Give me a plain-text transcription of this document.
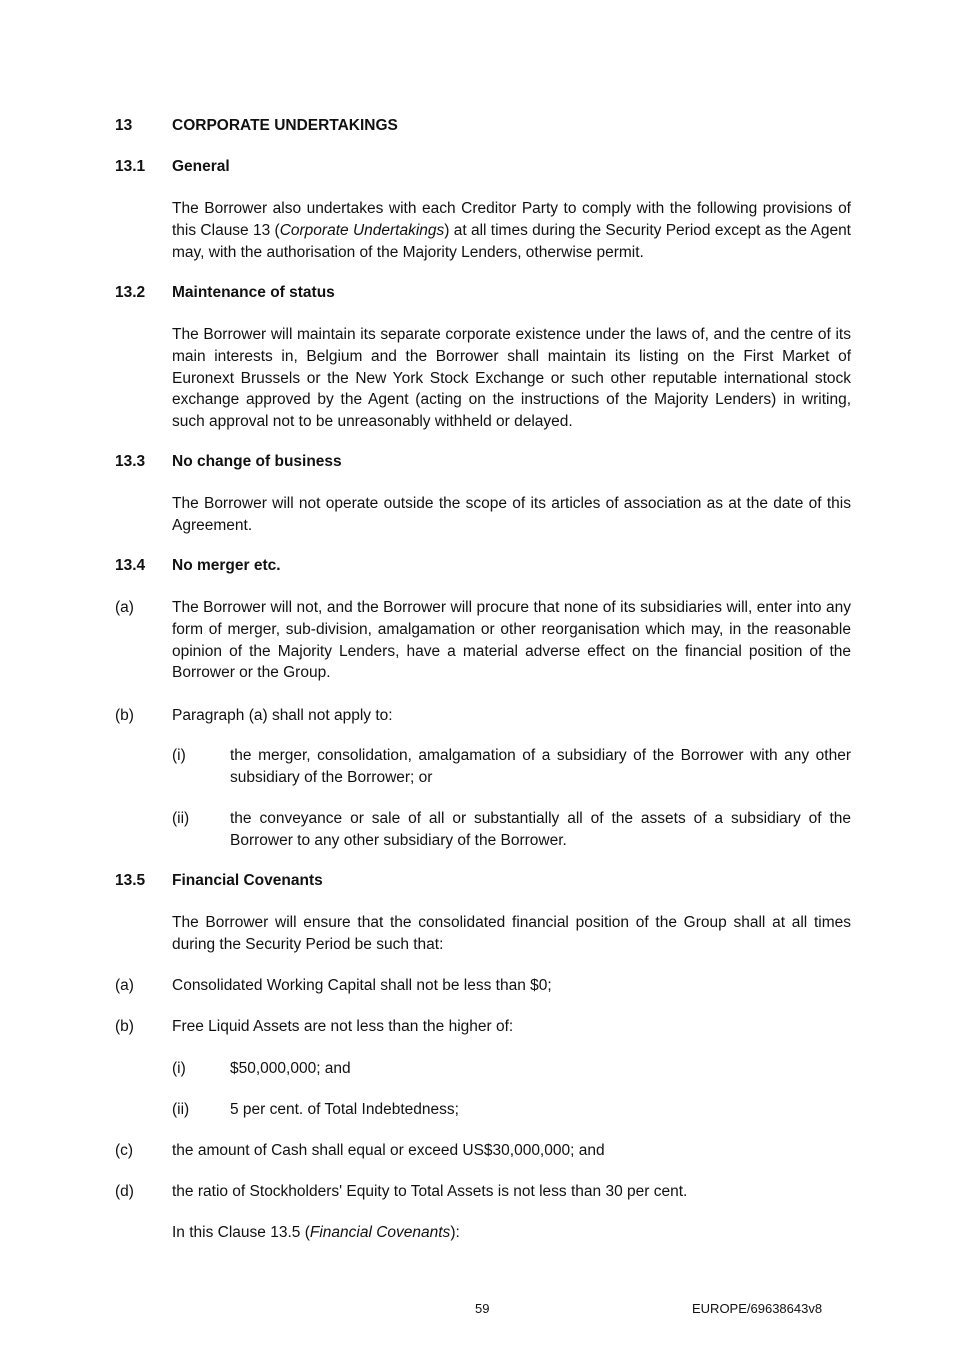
13	CORPORATE UNDERTAKINGS
13.1 General
The Borrower also undertakes with each Creditor Party to comply with the following provisions of this Clause 13 (Corporate Undertakings) at all times during the Security Period except as the Agent may, with the authorisation of the Majority Lenders, otherwise permit.
13.2 Maintenance of status
The Borrower will maintain its separate corporate existence under the laws of, and the centre of its main interests in, Belgium and the Borrower shall maintain its listing on the First Market of Euronext Brussels or the New York Stock Exchange or such other reputable international stock exchange approved by the Agent (acting on the instructions of the Majority Lenders) in writing, such approval not to be unreasonably withheld or delayed.
13.3 No change of business
The Borrower will not operate outside the scope of its articles of association as at the date of this Agreement.
13.4 No merger etc.
(a) The Borrower will not, and the Borrower will procure that none of its subsidiaries will, enter into any form of merger, sub-division, amalgamation or other reorganisation which may, in the reasonable opinion of the Majority Lenders, have a material adverse effect on the financial position of the Borrower or the Group.
(b) Paragraph (a) shall not apply to:
(i)	the merger, consolidation, amalgamation of a subsidiary of the Borrower with any other subsidiary of the Borrower; or
(ii)	the conveyance or sale of all or substantially all of the assets of a subsidiary of the Borrower to any other subsidiary of the Borrower.
13.5 Financial Covenants
The Borrower will ensure that the consolidated financial position of the Group shall at all times during the Security Period be such that:
(a) Consolidated Working Capital shall not be less than $0;
(b) Free Liquid Assets are not less than the higher of:
(i)	$50,000,000; and
(ii)	5 per cent. of Total Indebtedness;
(c)	the amount of Cash shall equal or exceed US$30,000,000; and
(d) the ratio of Stockholders' Equity to Total Assets is not less than 30 per cent.
In this Clause 13.5 (Financial Covenants):
59	EUROPE/69638643v8
